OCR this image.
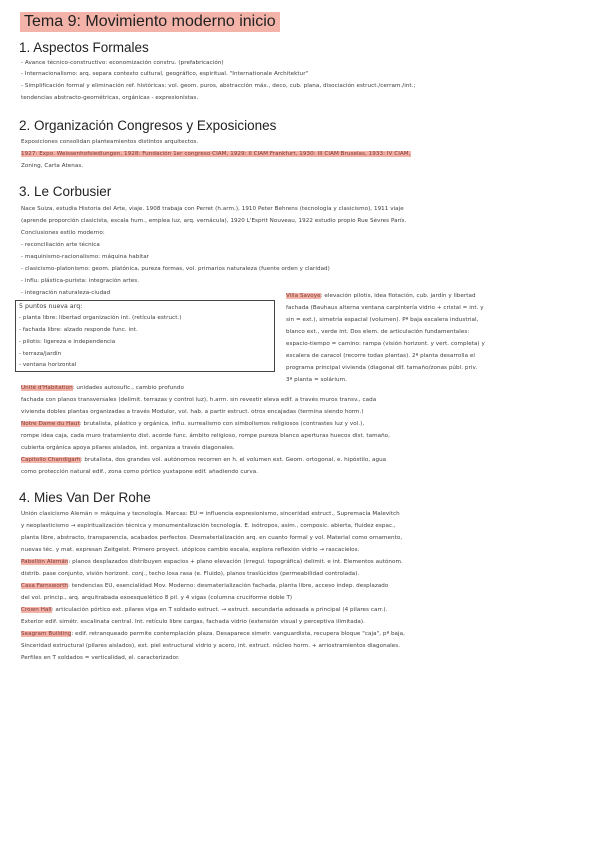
Tema 9: Movimiento moderno inicio
1. Aspectos Formales
- Avance técnico-constructivo: economización constru. (prefabricación)
- Internacionalismo: arq. separa contexto cultural, geográfico, espiritual. "Internationale Architektur"
- Simplificación formal y eliminación ref. históricas: vol. geom. puros, abstracción máx., deco, cub. plana, disociación estruct./cerram./int.;
tendencias abstracto-geométricas, orgánicas - expresionistas.
2. Organización Congresos y Exposiciones
Exposiciones consolidan planteamientos distintos arquitectos.
1927: Expo. Weissenhofsiedlungen, 1928: Fundación 1er congreso CIAM, 1929: II CIAM Frankfurt, 1930: III CIAM Bruselas, 1933: IV CIAM,
Zoning, Carta Atenas.
3. Le Corbusier
Nace Suiza, estudia Historia del Arte, viaje. 1908 trabaja con Perret (h.arm.), 1910 Peter Behrens (tecnología y clasicismo), 1911 viaje
(aprende proporción clasicista, escala hum., emplea luz, arq. vernácula), 1920 L'Esprit Nouveau, 1922 estudio propio Rue Sèvres París.
Conclusiones estilo moderno:
- reconciliación arte técnica
- maquinismo-racionalismo: máquina habitar
- clasicismo-platonismo: geom. platónica, pureza formas, vol. primarios naturaleza (fuente orden y claridad)
- influ. plástica-purista: integración artes.
- integración naturaleza-ciudad
5 puntos nueva arq:
- planta libre: libertad organización int. (retícula estruct.)
- fachada libre: alzado responde func. int.
- pilotis: ligereza e independencia
- terraza/jardín
- ventana horizontal
Villa Savoye: elevación pilotis, idea flotación, cub. jardín y libertad
fachada (Bauhaus alterna ventana carpintería vidrio + cristal = int. y
sin = ext.), simetría espacial (volumen). Pª baja escalera industrial,
blanco ext., verde int. Dos elem. de articulación fundamentales:
espacio-tiempo = camino: rampa (visión horizont. y vert. completa) y
escalera de caracol (recorre todas plantas). 2ª planta desarrolla el
programa principal vivienda (diagonal dif. tamaño/zonas públ. priv.
3ª planta = solárium.
Unité d'Habitation: unidades autosufic., cambio profundo
fachada con planos transversales (delimit. terrazas y control luz), h.arm. sin revestir eleva edif. a través muros transv., cada
vivienda dobles plantas organizadas a través Modulor, vol. hab. a partir estruct. otros encajadas (termina siendo horm.)
Notre Dame du Haut: brutalista, plástico y orgánica, influ. surrealismo con simbolismos religiosos (contrastes luz y vol.),
rompe idea caja, cada muro tratamiento dist. acorde func. ámbito religioso, rompe pureza blanco aperturas huecos dist. tamaño,
cubierta orgánica apoya pilares aislados, int. organiza a través diagonales.
Capitolio Chandigarh: brutalista, dos grandes vol. autónomos recorren en h. el volumen ext. Geom. ortogonal, e. hipóstilo, agua
como protección natural edif., zona como pórtico yuxtapone edif. añadiendo curva.
4. Mies Van Der Rohe
Unión clasicismo Alemán ∞ máquina y tecnología. Marcas: EU = influencia expresionismo, sinceridad estruct., Supremacía Malevitch
y neoplasticismo → espiritualización técnica y monumentalización tecnología. E. isótropos, asim., composic. abierta, fluidez espac.,
planta libre, abstracto, transparencia, acabados perfectos. Desmaterialización arq. en cuanto formal y vol. Material como ornamento,
nuevas téc. y mat. expresan Zeitgeist. Primero proyect. utópicos cambio escala, explora reflexión vidrio → rascacielos.
Pabellón Alemán: planos desplazados distribuyen espacios + plano elevación (irregul. topográfica) delimit. e int. Elementos autónom.
distrib. pase conjunto, visión horizont. conj., techo losa rasa (e. Fluido), planos traslúcidos (permeabilidad controlada).
Casa Farnsworth: tendencias EU, esencialidad Mov. Moderno: desmaterialización fachada, planta libre, acceso indep. desplazado
del vol. princip., arq. arquitrabada exoesquelético 8 pil. y 4 vigas (columna cruciforme doble T)
Crown Hall: articulación pórtico ext. pilares viga en T soldado estruct. → estruct. secundaria adosada a principal (4 pilares carr.).
Exterior edif. simétr. escalinata central. Int. retículo libre cargas, fachada vidrio (extensión visual y perceptiva ilimitada).
Seagram Building: edif. retranqueado permite contemplación plaza. Desaparece simetr. vanguardista, recupera bloque "caja", pª baja,
Sinceridad estructural (pilares aislados), ext. piel estructural vidrio y acero, int. estruct. núcleo horm. + arriostramientos diagonales.
Perfiles en T soldados = verticalidad, el. caracterizador.
